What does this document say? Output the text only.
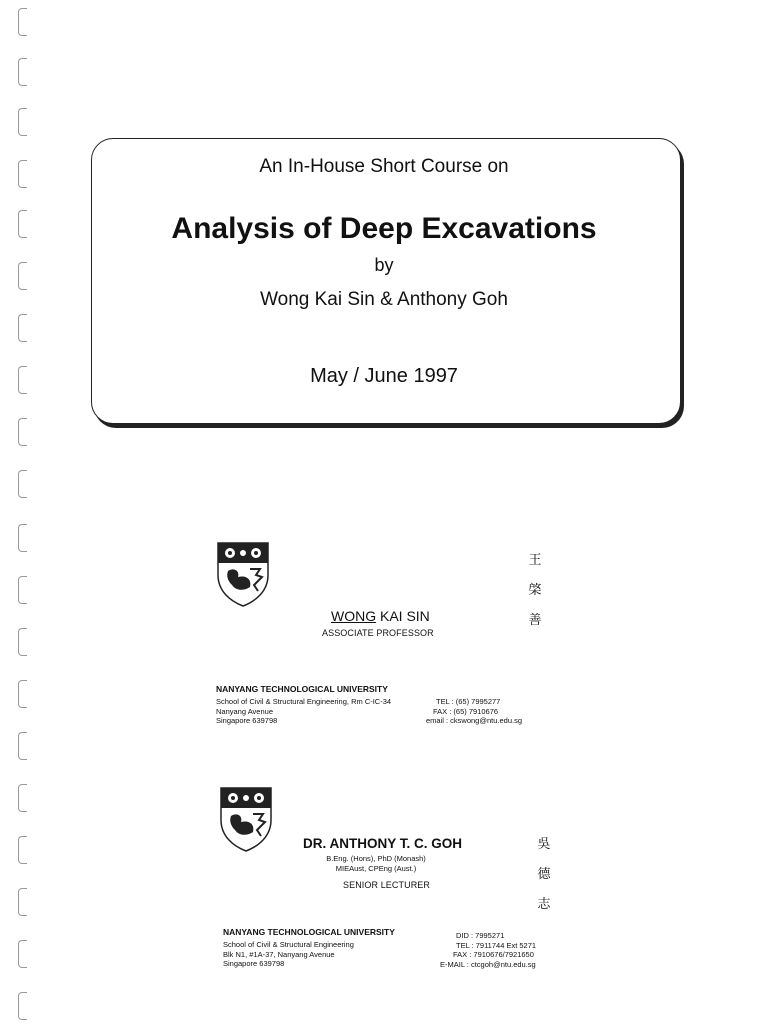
An In-House Short Course on
Analysis of Deep Excavations
by
Wong Kai Sin & Anthony Goh
May / June 1997
WONG KAI SIN
ASSOCIATE PROFESSOR
王
棨
善
NANYANG TECHNOLOGICAL UNIVERSITY
School of Civil & Structural Engineering, Rm C-IC-34
Nanyang Avenue
Singapore 639798
TEL : (65) 7995277
FAX : (65) 7910676
email : ckswong@ntu.edu.sg
DR. ANTHONY T. C. GOH
B.Eng. (Hons), PhD (Monash)
MIEAust, CPEng (Aust.)
SENIOR LECTURER
吳
德
志
NANYANG TECHNOLOGICAL UNIVERSITY
School of Civil & Structural Engineering
Blk N1, #1A-37, Nanyang Avenue
Singapore 639798
DID : 7995271
TEL : 7911744 Ext 5271
FAX : 7910676/7921650
E-MAIL : ctcgoh@ntu.edu.sg
